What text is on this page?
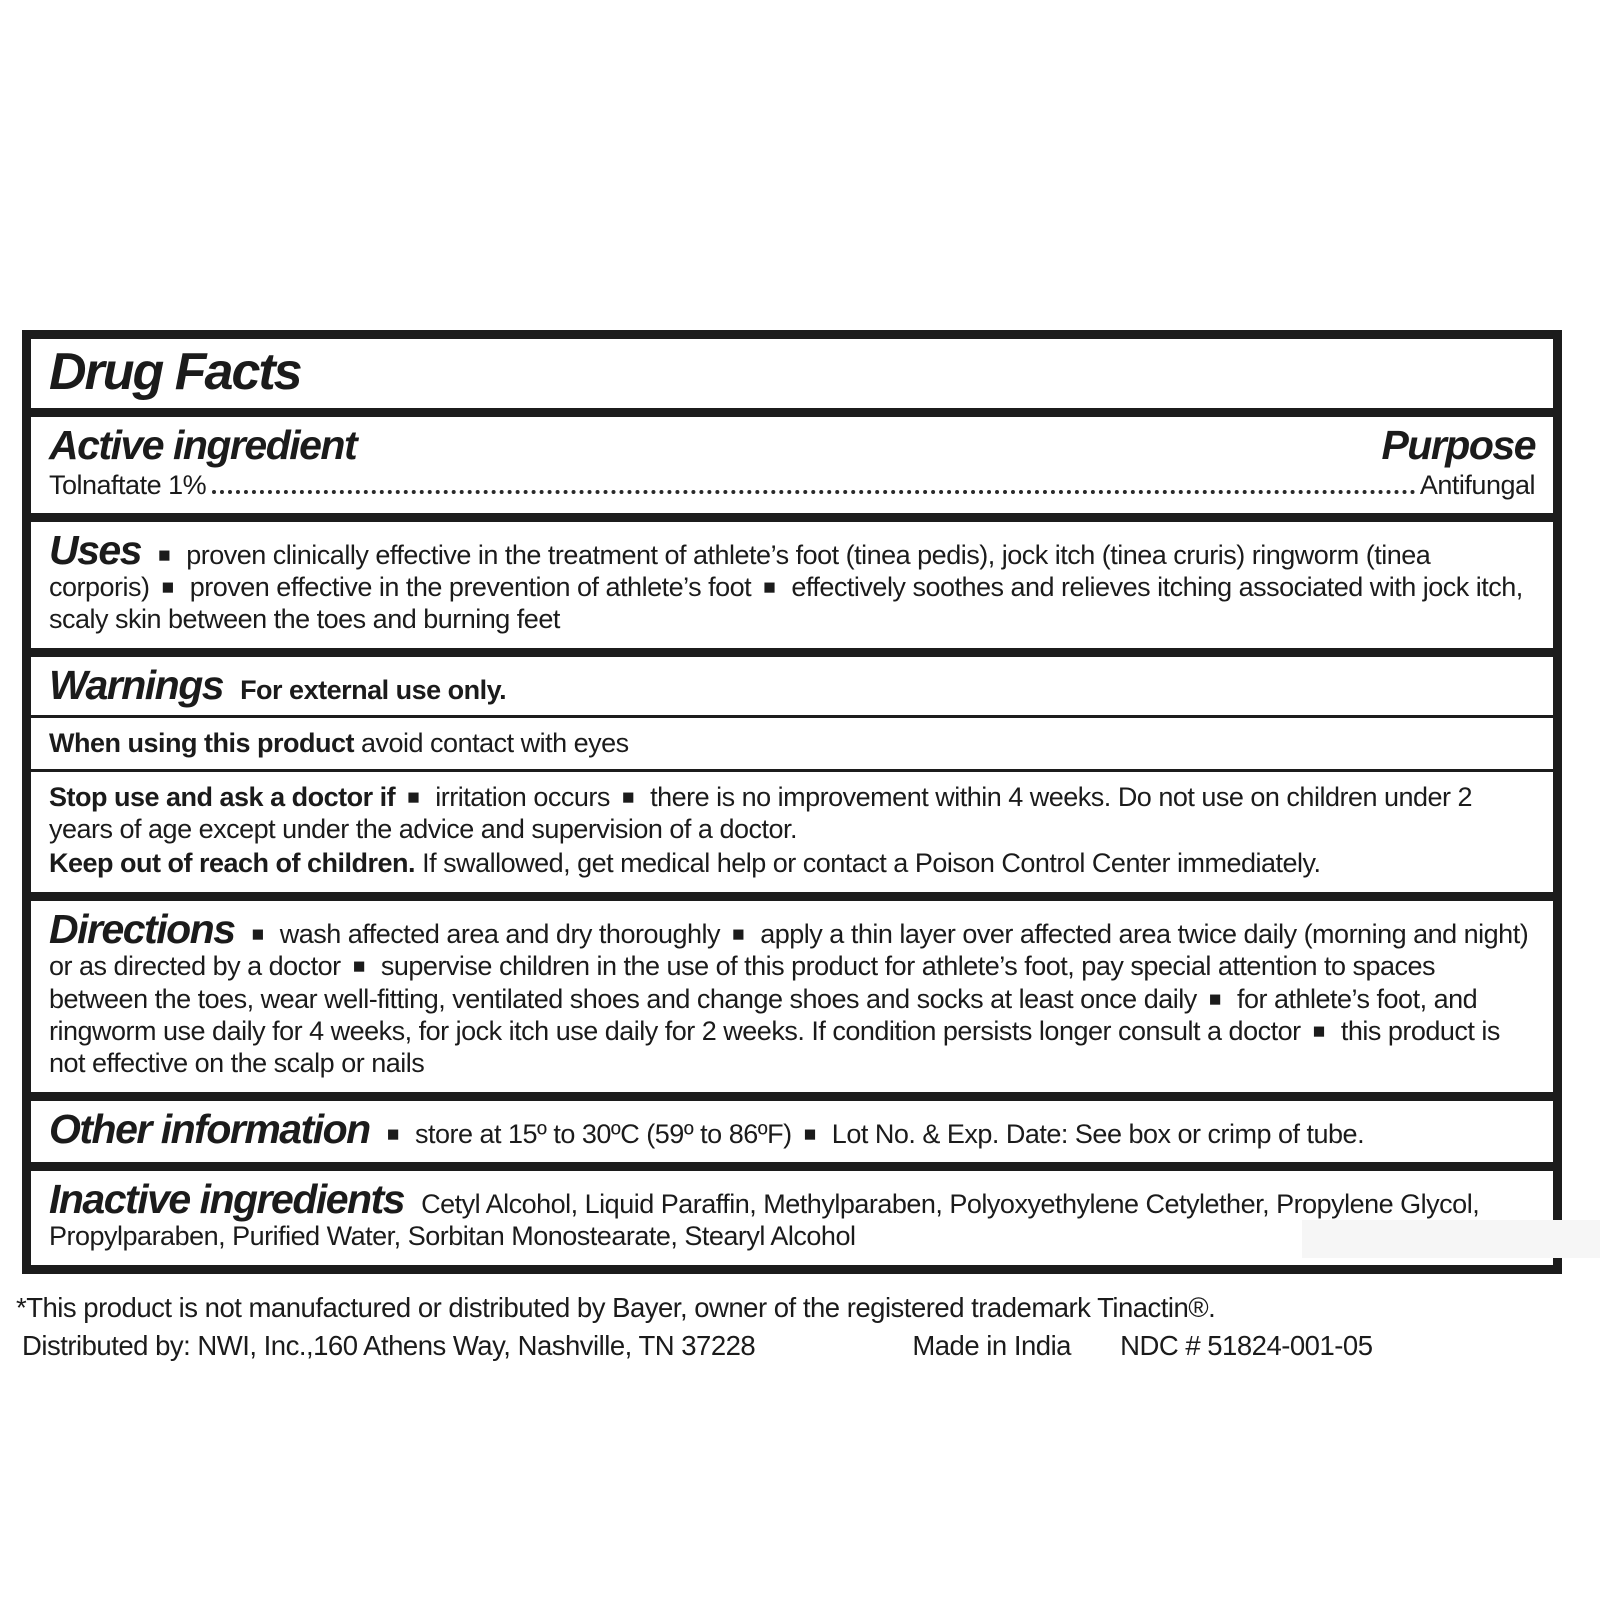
Drug Facts
Active ingredient	Purpose
Tolnaftate 1%	Antifungal

Uses ■ proven clinically effective in the treatment of athlete’s foot (tinea pedis), jock itch (tinea cruris) ringworm (tinea corporis) ■ proven effective in the prevention of athlete’s foot ■ effectively soothes and relieves itching associated with jock itch, scaly skin between the toes and burning feet

Warnings For external use only.

When using this product avoid contact with eyes

Stop use and ask a doctor if ■ irritation occurs ■ there is no improvement within 4 weeks. Do not use on children under 2 years of age except under the advice and supervision of a doctor.

Keep out of reach of children. If swallowed, get medical help or contact a Poison Control Center immediately.

Directions ■ wash affected area and dry thoroughly ■ apply a thin layer over affected area twice daily (morning and night) or as directed by a doctor ■ supervise children in the use of this product for athlete’s foot, pay special attention to spaces between the toes, wear well-fitting, ventilated shoes and change shoes and socks at least once daily ■ for athlete’s foot, and ringworm use daily for 4 weeks, for jock itch use daily for 2 weeks. If condition persists longer consult a doctor ■ this product is not effective on the scalp or nails

Other information ■ store at 15º to 30ºC (59º to 86ºF) ■ Lot No. & Exp. Date: See box or crimp of tube.

Inactive ingredients Cetyl Alcohol, Liquid Paraffin, Methylparaben, Polyoxyethylene Cetylether, Propylene Glycol, Propylparaben, Purified Water, Sorbitan Monostearate, Stearyl Alcohol

*This product is not manufactured or distributed by Bayer, owner of the registered trademark Tinactin®.

Distributed by: NWI, Inc.,160 Athens Way, Nashville, TN 37228	Made in India NDC # 51824-001-05
